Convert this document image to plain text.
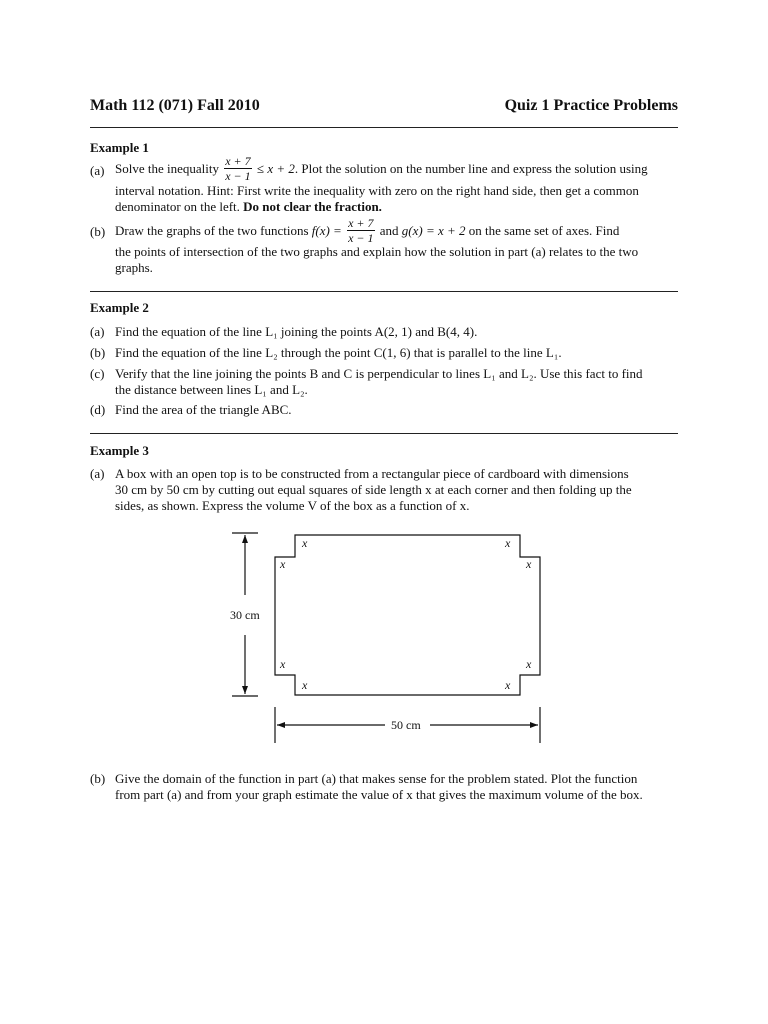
Math 112 (071) Fall 2010	Quiz 1 Practice Problems
Example 1
(a) Solve the inequality $\frac{x + 7}{x - 1} \le x + 2$. Plot the solution on the number line and express the solution using
interval notation. Hint: First write the inequality with zero on the right hand side, then get a common
denominator on the left. Do not clear the fraction.
(b) Draw the graphs of the two functions $f(x) = \frac{x + 7}{x - 1}$ and g(x) = x + 2 on the same set of axes. Find
the points of intersection of the two graphs and explain how the solution in part (a) relates to the two
graphs.
Example 2
(a) Find the equation of the line L₁ joining the points A(2, 1) and B(4, 4).
(b) Find the equation of the line L₂ through the point C(1, 6) that is parallel to the line L₁.
(c) Verify that the line joining the points B and C is perpendicular to lines L₁ and L₂. Use this fact to find
the distance between lines L₁ and L₂.
(d) Find the area of the triangle ABC.
Example 3
(a) A box with an open top is to be constructed from a rectangular piece of cardboard with dimensions
30 cm by 50 cm by cutting out equal squares of side length x at each corner and then folding up the
sides, as shown. Express the volume V of the box as a function of x.
x	x
x	x
x	x
x	x
30 cm
50 cm
(b) Give the domain of the function in part (a) that makes sense for the problem stated. Plot the function
from part (a) and from your graph estimate the value of x that gives the maximum volume of the box.
